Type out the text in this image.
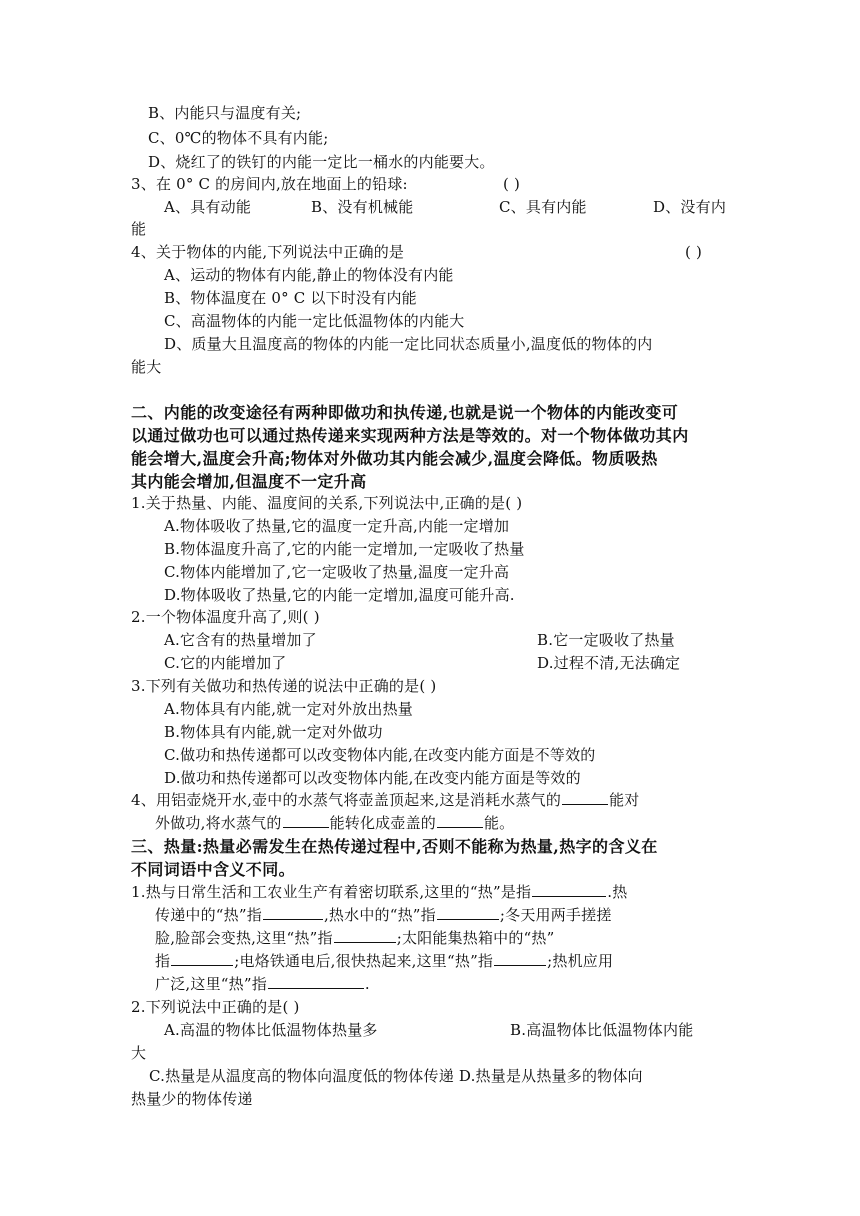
B、内能只与温度有关;
C、0℃的物体不具有内能;
D、烧红了的铁钉的内能一定比一桶水的内能要大。
3、在 0° C 的房间内,放在地面上的铅球:	( )
A、具有动能	B、没有机械能	C、具有内能	D、没有内
能
4、关于物体的内能,下列说法中正确的是	( )
A、运动的物体有内能,静止的物体没有内能
B、物体温度在 0° C 以下时没有内能
C、高温物体的内能一定比低温物体的内能大
D、质量大且温度高的物体的内能一定比同状态质量小,温度低的物体的内
能大
二、内能的改变途径有两种即做功和执传递,也就是说一个物体的内能改变可
以通过做功也可以通过热传递来实现两种方法是等效的。对一个物体做功其内
能会增大,温度会升高;物体对外做功其内能会减少,温度会降低。物质吸热
其内能会增加,但温度不一定升高
1.关于热量、内能、温度间的关系,下列说法中,正确的是( )
A.物体吸收了热量,它的温度一定升高,内能一定增加
B.物体温度升高了,它的内能一定增加,一定吸收了热量
C.物体内能增加了,它一定吸收了热量,温度一定升高
D.物体吸收了热量,它的内能一定增加,温度可能升高.
2.一个物体温度升高了,则( )
A.它含有的热量增加了	B.它一定吸收了热量
C.它的内能增加了	D.过程不清,无法确定
3.下列有关做功和热传递的说法中正确的是( )
A.物体具有内能,就一定对外放出热量
B.物体具有内能,就一定对外做功
C.做功和热传递都可以改变物体内能,在改变内能方面是不等效的
D.做功和热传递都可以改变物体内能,在改变内能方面是等效的
4、用铝壶烧开水,壶中的水蒸气将壶盖顶起来,这是消耗水蒸气的	能对
外做功,将水蒸气的	能转化成壶盖的	能。
三、热量:热量必需发生在热传递过程中,否则不能称为热量,热字的含义在
不同词语中含义不同。
1.热与日常生活和工农业生产有着密切联系,这里的“热”是指	.热
传递中的“热”指	,热水中的“热”指	;冬天用两手搓搓
脸,脸部会变热,这里“热”指	;太阳能集热箱中的“热”
指	;电烙铁通电后,很快热起来,这里“热”指	;热机应用
广泛,这里“热”指	.
2.下列说法中正确的是( )
A.高温的物体比低温物体热量多	B.高温物体比低温物体内能
大
C.热量是从温度高的物体向温度低的物体传递 D.热量是从热量多的物体向
热量少的物体传递
